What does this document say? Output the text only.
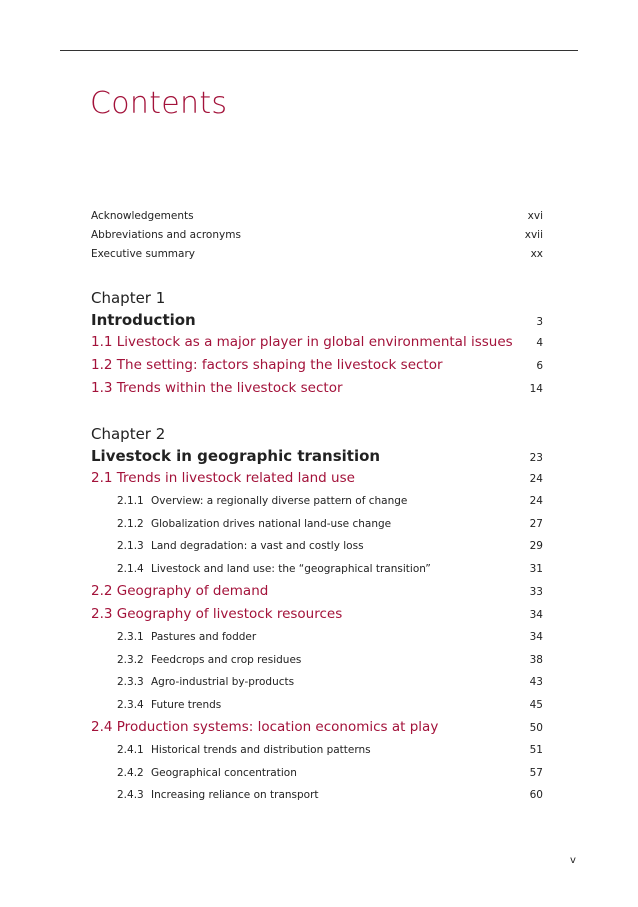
Contents
Acknowledgements	xvi
Abbreviations and acronyms	xvii
Executive summary	xx
Chapter 1
Introduction	3
1.1 Livestock as a major player in global environmental issues 4
1.2 The setting: factors shaping the livestock sector	6
1.3 Trends within the livestock sector	14
Chapter 2
Livestock in geographic transition	23
2.1 Trends in livestock related land use	24
2.1.1 Overview: a regionally diverse pattern of change	24
2.1.2 Globalization drives national land-use change	27
2.1.3 Land degradation: a vast and costly loss	29
2.1.4 Livestock and land use: the “geographical transition”	31
2.2 Geography of demand	33
2.3 Geography of livestock resources	34
2.3.1 Pastures and fodder	34
2.3.2 Feedcrops and crop residues	38
2.3.3 Agro-industrial by-products	43
2.3.4 Future trends	45
2.4 Production systems: location economics at play	50
2.4.1 Historical trends and distribution patterns	51
2.4.2 Geographical concentration	57
2.4.3 Increasing reliance on transport	60
v
